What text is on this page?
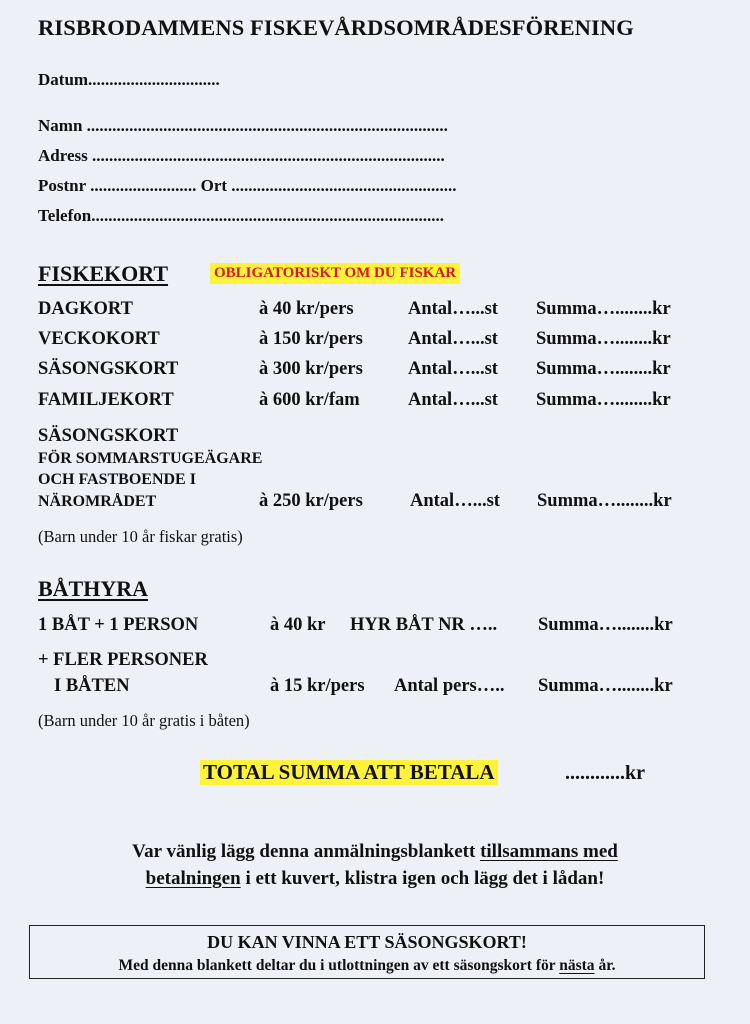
RISBRODAMMENS FISKEVÅRDSOMRÅDESFÖRENING
Datum...............................
Namn .....................................................................................
Adress ...................................................................................
Postnr ......................... Ort .....................................................
Telefon...................................................................................
FISKEKORT	OBLIGATORISKT OM DU FISKAR
DAGKORT	à 40 kr/pers	Antal…...st Summa…........kr
VECKOKORT	à 150 kr/pers Antal…...st Summa…........kr
SÄSONGSKORT	à 300 kr/pers Antal…...st Summa…........kr
FAMILJEKORT	à 600 kr/fam	Antal…...st Summa…........kr
SÄSONGSKORT
FÖR SOMMARSTUGEÄGARE
OCH FASTBOENDE I
NÄROMRÅDET	à 250 kr/pers	Antal…...st Summa…........kr
(Barn under 10 år fiskar gratis)
BÅTHYRA
1 BÅT + 1 PERSON	à 40 kr HYR BÅT NR ….. Summa…........kr
+ FLER PERSONER
I BÅTEN	à 15 kr/pers Antal pers….. Summa…........kr
(Barn under 10 år gratis i båten)
TOTAL SUMMA ATT BETALA	............kr
Var vänlig lägg denna anmälningsblankett tillsammans med
betalningen i ett kuvert, klistra igen och lägg det i lådan!
DU KAN VINNA ETT SÄSONGSKORT!
Med denna blankett deltar du i utlottningen av ett säsongskort för nästa år.
